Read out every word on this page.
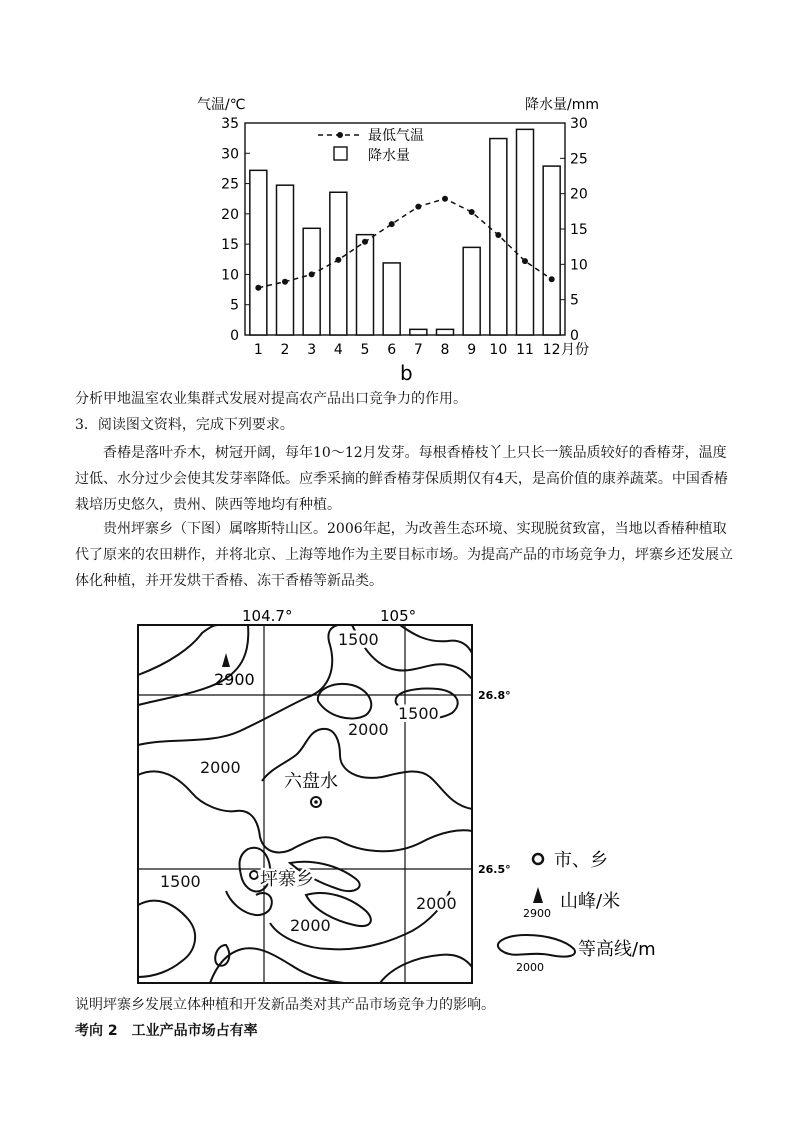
0
5
10
15
20
25
30
35
0
5
10
15
20
25
30
气温/℃	降水量/mm
1 2 3 4 5 6 7 8 9 10 11 12 月份
最低气温
降水量
b
分析甲地温室农业集群式发展对提高农产品出口竞争力的作用。
3．阅读图文资料，完成下列要求。
香椿是落叶乔木，树冠开阔，每年10～12月发芽。每根香椿枝丫上只长一簇品质较好的香椿芽，温度过低、水分过少会使其发芽率降低。应季采摘的鲜香椿芽保质期仅有4天，是高价值的康养蔬菜。中国香椿栽培历史悠久，贵州、陕西等地均有种植。
贵州坪寨乡（下图）属喀斯特山区。2006年起，为改善生态环境、实现脱贫致富，当地以香椿种植取代了原来的农田耕作，并将北京、上海等地作为主要目标市场。为提高产品的市场竞争力，坪寨乡还发展立体化种植，并开发烘干香椿、冻干香椿等新品类。
104.7°	105°
26.8°
26.5°
1500
1500
1500
2000
2000
2000
2000
2900
六盘水
坪寨乡
市、乡
2900
山峰/米
2000
等高线/m
说明坪寨乡发展立体种植和开发新品类对其产品市场竞争力的影响。
考向 2　工业产品市场占有率
